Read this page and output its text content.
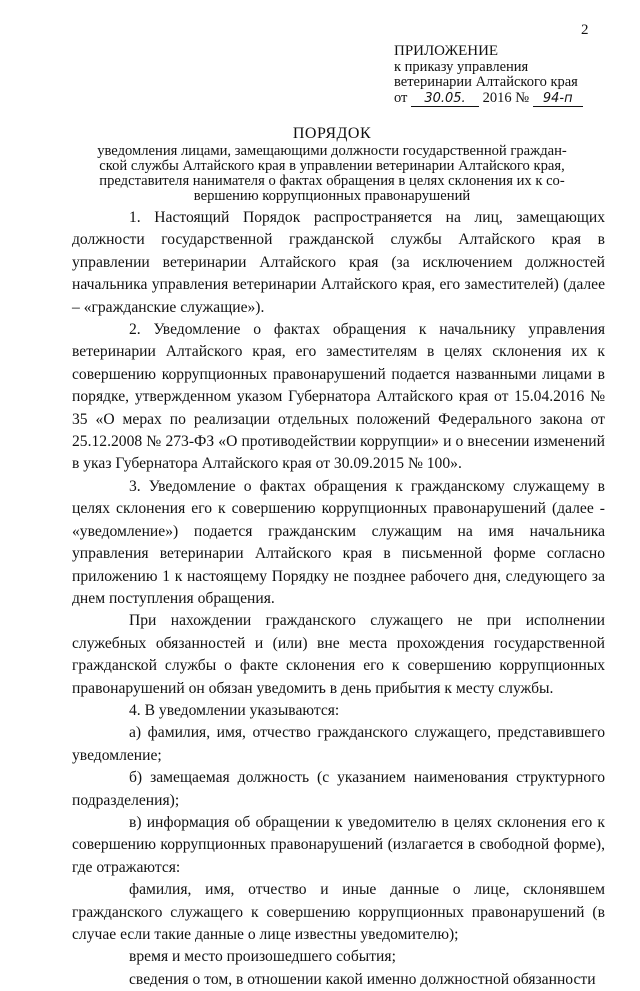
2
ПРИЛОЖЕНИЕ
к приказу управления
ветеринарии Алтайского края
от 30.05. 2016 № 94-п
ПОРЯДОК
уведомления лицами, замещающими должности государственной граждан-
ской службы Алтайского края в управлении ветеринарии Алтайского края,
представителя нанимателя о фактах обращения в целях склонения их к со-
вершению коррупционных правонарушений

1. Настоящий Порядок распространяется на лиц, замещающих должности государственной гражданской службы Алтайского края в управлении ветеринарии Алтайского края (за исключением должностей начальника управления ветеринарии Алтайского края, его заместителей) (далее – «гражданские служащие»).

2. Уведомление о фактах обращения к начальнику управления ветеринарии Алтайского края, его заместителям в целях склонения их к совершению коррупционных правонарушений подается названными лицами в порядке, утвержденном указом Губернатора Алтайского края от 15.04.2016 № 35 «О мерах по реализации отдельных положений Федерального закона от 25.12.2008 № 273-ФЗ «О противодействии коррупции» и о внесении изменений в указ Губернатора Алтайского края от 30.09.2015 № 100».

3. Уведомление о фактах обращения к гражданскому служащему в целях склонения его к совершению коррупционных правонарушений (далее - «уведомление») подается гражданским служащим на имя начальника управления ветеринарии Алтайского края в письменной форме согласно приложению 1 к настоящему Порядку не позднее рабочего дня, следующего за днем поступления обращения.

При нахождении гражданского служащего не при исполнении служебных обязанностей и (или) вне места прохождения государственной гражданской службы о факте склонения его к совершению коррупционных правонарушений он обязан уведомить в день прибытия к месту службы.

4. В уведомлении указываются:

а) фамилия, имя, отчество гражданского служащего, представившего уведомление;

б) замещаемая должность (с указанием наименования структурного подразделения);

в) информация об обращении к уведомителю в целях склонения его к совершению коррупционных правонарушений (излагается в свободной форме), где отражаются:

фамилия, имя, отчество и иные данные о лице, склонявшем гражданского служащего к совершению коррупционных правонарушений (в случае если такие данные о лице известны уведомителю);

время и место произошедшего события;

сведения о том, в отношении какой именно должностной обязанности
